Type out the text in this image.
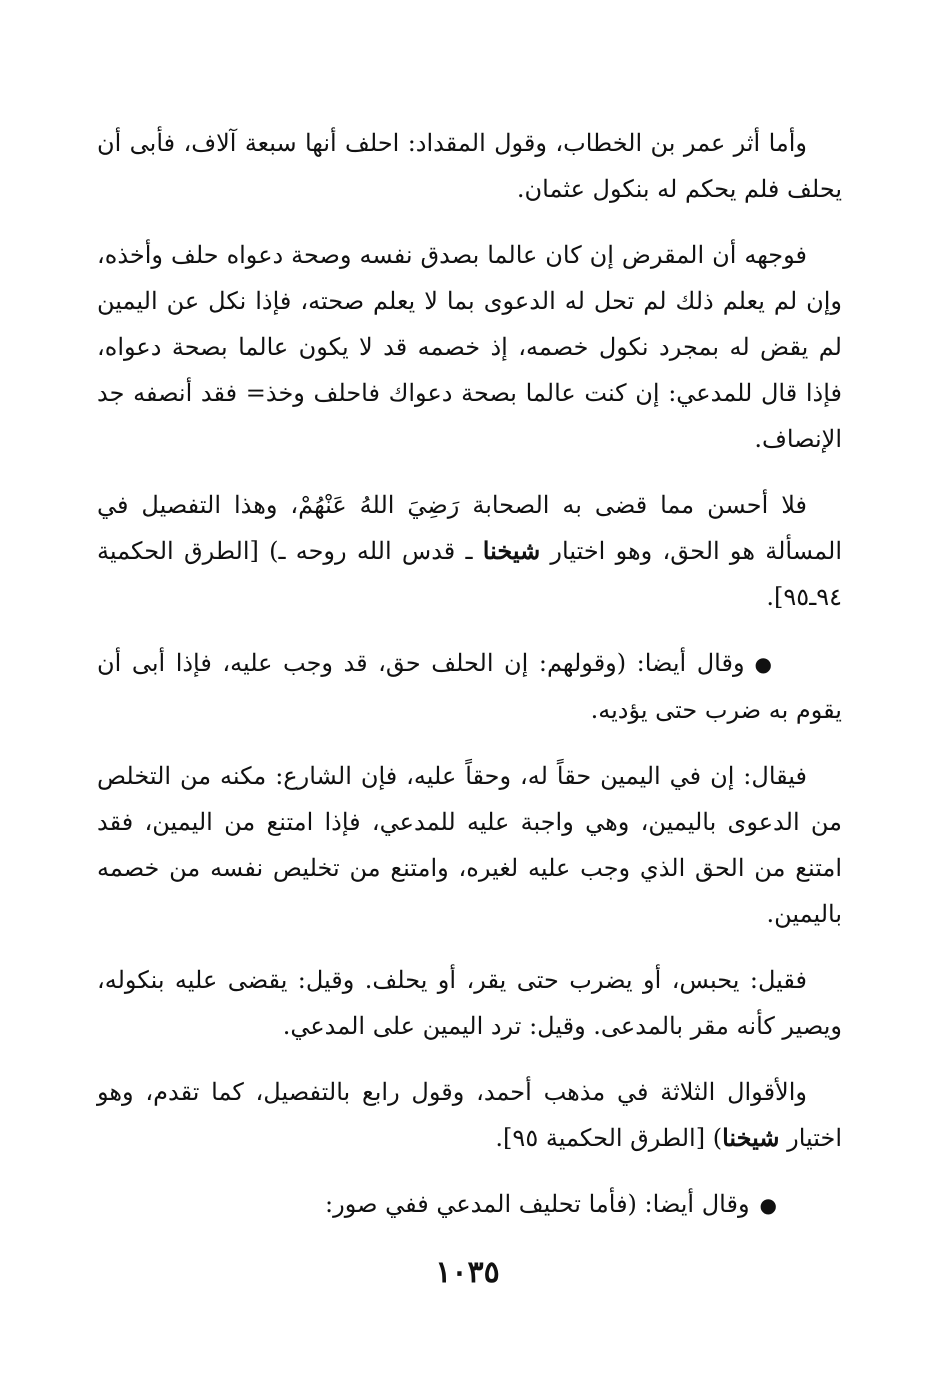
وأما أثر عمر بن الخطاب، وقول المقداد: احلف أنها سبعة آلاف، فأبى أن يحلف فلم يحكم له بنكول عثمان.

فوجهه أن المقرض إن كان عالما بصدق نفسه وصحة دعواه حلف وأخذه، وإن لم يعلم ذلك لم تحل له الدعوى بما لا يعلم صحته، فإذا نكل عن اليمين لم يقض له بمجرد نكول خصمه، إذ خصمه قد لا يكون عالما بصحة دعواه، فإذا قال للمدعي: إن كنت عالما بصحة دعواك فاحلف وخذ= فقد أنصفه جد الإنصاف.

فلا أحسن مما قضى به الصحابة رَضِيَ اللهُ عَنْهُمْ، وهذا التفصيل في المسألة هو الحق، وهو اختيار شيخنا ـ قدس الله روحه ـ) [الطرق الحكمية ٩٤ـ٩٥].

●وقال أيضا: (وقولهم: إن الحلف حق، قد وجب عليه، فإذا أبى أن يقوم به ضرب حتى يؤديه.

فيقال: إن في اليمين حقاً له، وحقاً عليه، فإن الشارع: مكنه من التخلص من الدعوى باليمين، وهي واجبة عليه للمدعي، فإذا امتنع من اليمين، فقد امتنع من الحق الذي وجب عليه لغيره، وامتنع من تخليص نفسه من خصمه باليمين.

فقيل: يحبس، أو يضرب حتى يقر، أو يحلف. وقيل: يقضى عليه بنكوله، ويصير كأنه مقر بالمدعى. وقيل: ترد اليمين على المدعي.

والأقوال الثلاثة في مذهب أحمد، وقول رابع بالتفصيل، كما تقدم، وهو اختيار شيخنا) [الطرق الحكمية ٩٥].

●وقال أيضا: (فأما تحليف المدعي ففي صور:

١٠٣٥
